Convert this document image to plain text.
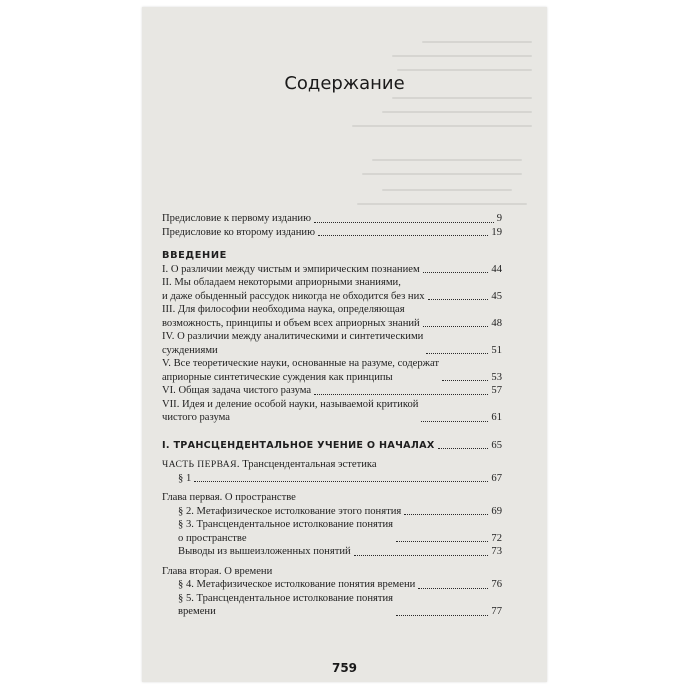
Содержание
Предисловие к первому изданию	9
Предисловие ко второму изданию	19
ВВЕДЕНИЕ
I. О различии между чистым и эмпирическим познанием	44
II. Мы обладаем некоторыми априорными знаниями,
и даже обыденный рассудок никогда не обходится без них	45
III. Для философии необходима наука, определяющая
возможность, принципы и объем всех априорных знаний	48
IV. О различии между аналитическими и синтетическими
суждениями	51
V. Все теоретические науки, основанные на разуме, содержат
априорные синтетические суждения как принципы	53
VI. Общая задача чистого разума	57
VII. Идея и деление особой науки, называемой критикой
чистого разума	61
I. ТРАНСЦЕНДЕНТАЛЬНОЕ УЧЕНИЕ О НАЧАЛАХ	65
ЧАСТЬ ПЕРВАЯ. Трансцендентальная эстетика
§ 1	67
Глава первая. О пространстве
§ 2. Метафизическое истолкование этого понятия	69
§ 3. Трансцендентальное истолкование понятия
о пространстве	72
Выводы из вышеизложенных понятий	73
Глава вторая. О времени
§ 4. Метафизическое истолкование понятия времени	76
§ 5. Трансцендентальное истолкование понятия
времени	77
759
